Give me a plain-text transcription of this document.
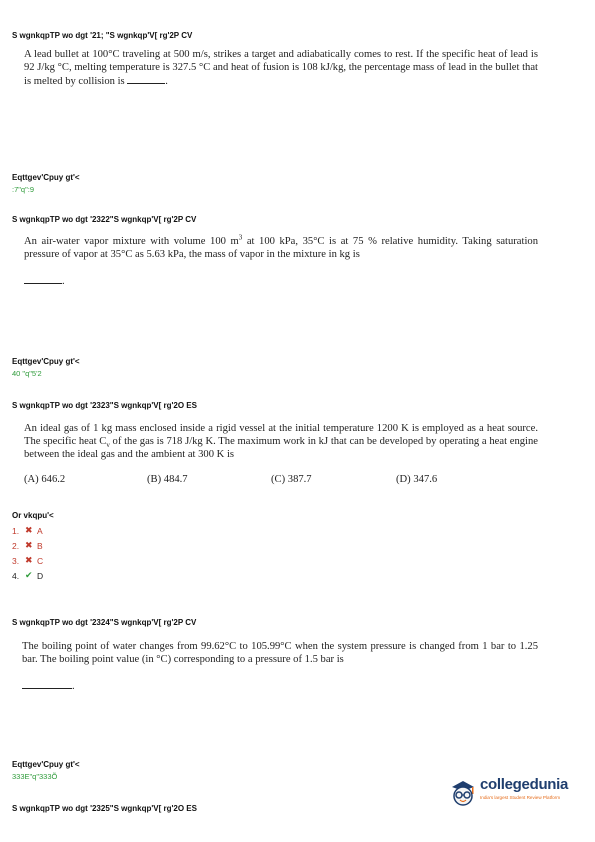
S wgnkqpTP wo dgt '21; "S wgnkqp'V[ rg'2P CV
A lead bullet at 100°C traveling at 500 m/s, strikes a target and adiabatically comes to rest. If the specific heat of lead is 92 J/kg °C, melting temperature is 327.5 °C and heat of fusion is 108 kJ/kg, the percentage mass of lead in the bullet that is melted by collision is	.
Eqttgev'Cpuy gt'<
:7"q":9
S wgnkqpTP wo dgt '2322"S wgnkqp'V[ rg'2P CV
An air-water vapor mixture with volume 100 $m^3$ at 100 kPa, 35°C is at 75 % relative humidity. Taking saturation pressure of vapor at 35°C as 5.63 kPa, the mass of vapor in the mixture in kg is

.
Eqttgev'Cpuy gt'<
40 "q"5'2
S wgnkqpTP wo dgt '2323"S wgnkqp'V[ rg'2O ES
An ideal gas of 1 kg mass enclosed inside a rigid vessel at the initial temperature 1200 K is employed as a heat source. The specific heat $C_v$ of the gas is 718 J/kg K. The maximum work in kJ that can be developed by operating a heat engine between the ideal gas and the ambient at 300 K is
(A) 646.2	(B) 484.7	(C) 387.7	(D) 347.6
Or vkqpu'<
1. ✖ A
2. ✖ B
3. ✖ C
4. ✔ D
S wgnkqpTP wo dgt '2324"S wgnkqp'V[ rg'2P CV
The boiling point of water changes from 99.62°C to 105.99°C when the system pressure is changed from 1 bar to 1.25 bar. The boiling point value (in °C) corresponding to a pressure of 1.5 bar is

.
Eqttgev'Cpuy gt'<
333E"q"333Õ
S wgnkqpTP wo dgt '2325"S wgnkqp'V[ rg'2O ES
collegedunia
India's largest Student Review Platform
